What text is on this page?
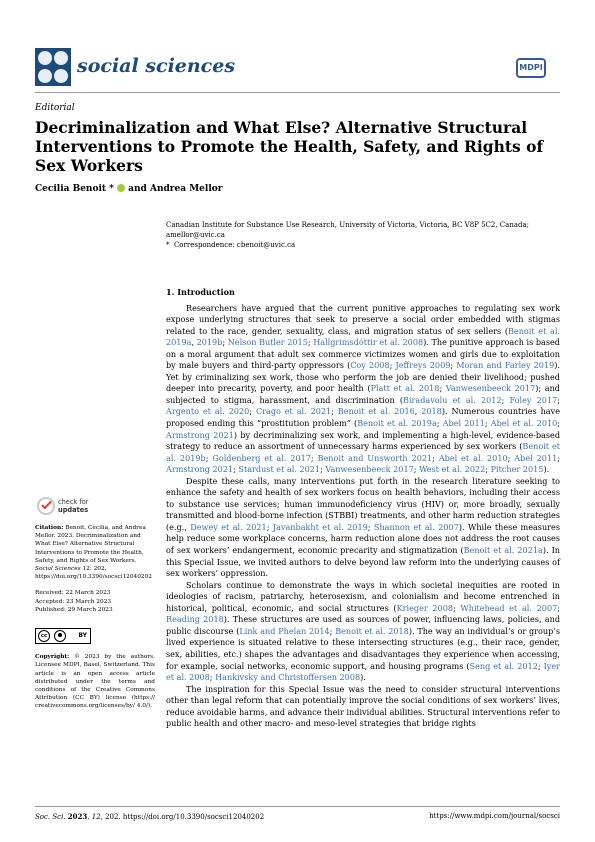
social sciences	MDPI
Editorial
Decriminalization and What Else? Alternative Structural Interventions to Promote the Health, Safety, and Rights of Sex Workers
Cecilia Benoit *  and Andrea Mellor
Canadian Institute for Substance Use Research, University of Victoria, Victoria, BC V8P 5C2, Canada;
amellor@uvic.ca
*  Correspondence: cbenoit@uvic.ca
1. Introduction

Researchers have argued that the current punitive approaches to regulating sex work expose underlying structures that seek to preserve a social order embedded with stigmas related to the race, gender, sexuality, class, and migration status of sex sellers (Benoit et al. 2019a, 2019b; Nelson Butler 2015; Hallgrimsdóttir et al. 2008). The punitive approach is based on a moral argument that adult sex commerce victimizes women and girls due to exploitation by male buyers and third-party oppressors (Coy 2008; Jeffreys 2009; Moran and Farley 2019). Yet by criminalizing sex work, those who perform the job are denied their livelihood; pushed deeper into precarity, poverty, and poor health (Platt et al. 2018; Vanwesenbeeck 2017); and subjected to stigma, harassment, and discrimination (Biradavolu et al. 2012; Foley 2017; Argento et al. 2020; Crago et al. 2021; Benoit et al. 2016, 2018). Numerous countries have proposed ending this “prostitution problem” (Benoit et al. 2019a; Abel 2011; Abel et al. 2010; Armstrong 2021) by decriminalizing sex work, and implementing a high-level, evidence-based strategy to reduce an assortment of unnecessary harms experienced by sex workers (Benoit et al. 2019b; Goldenberg et al. 2017; Benoit and Unsworth 2021; Abel et al. 2010; Abel 2011; Armstrong 2021; Stardust et al. 2021; Vanwesenbeeck 2017; West et al. 2022; Pitcher 2015).

Despite these calls, many interventions put forth in the research literature seeking to enhance the safety and health of sex workers focus on health behaviors, including their access to substance use services; human immunodeficiency virus (HIV) or, more broadly, sexually transmitted and blood-borne infection (STBBI) treatments, and other harm reduction strategies (e.g., Dewey et al. 2021; Javanbakht et al. 2019; Shannon et al. 2007). While these measures help reduce some workplace concerns, harm reduction alone does not address the root causes of sex workers’ endangerment, economic precarity and stigmatization (Benoit et al. 2021a). In this Special Issue, we invited authors to delve beyond law reform into the underlying causes of sex workers’ oppression.

Scholars continue to demonstrate the ways in which societal inequities are rooted in ideologies of racism, patriarchy, heterosexism, and colonialism and become entrenched in historical, political, economic, and social structures (Krieger 2008; Whitehead et al. 2007; Reading 2018). These structures are used as sources of power, influencing laws, policies, and public discourse (Link and Phelan 2014; Benoit et al. 2018). The way an individual’s or group’s lived experience is situated relative to these intersecting structures (e.g., their race, gender, sex, abilities, etc.) shapes the advantages and disadvantages they experience when accessing, for example, social networks, economic support, and housing programs (Seng et al. 2012; Iyer et al. 2008; Hankivsky and Christoffersen 2008).

The inspiration for this Special Issue was the need to consider structural interventions other than legal reform that can potentially improve the social conditions of sex workers’ lives, reduce avoidable harms, and advance their individual abilities. Structural interventions refer to public health and other macro- and meso-level strategies that bridge rights

check for
updates

Citation: Benoit, Cecilia, and Andrea Mellor. 2023. Decriminalization and What Else? Alternative Structural Interventions to Promote the Health, Safety, and Rights of Sex Workers. Social Sciences 12: 202. https://doi.org/10.3390/socsci12040202

Received: 22 March 2023
Accepted: 23 March 2023
Published: 29 March 2023
cc	BY

Copyright: © 2023 by the authors. Licensee MDPI, Basel, Switzerland. This article is an open access article distributed under the terms and conditions of the Creative Commons Attribution (CC BY) license (https:// creativecommons.org/licenses/by/ 4.0/).

Soc. Sci. 2023, 12, 202. https://doi.org/10.3390/socsci12040202	https://www.mdpi.com/journal/socsci
